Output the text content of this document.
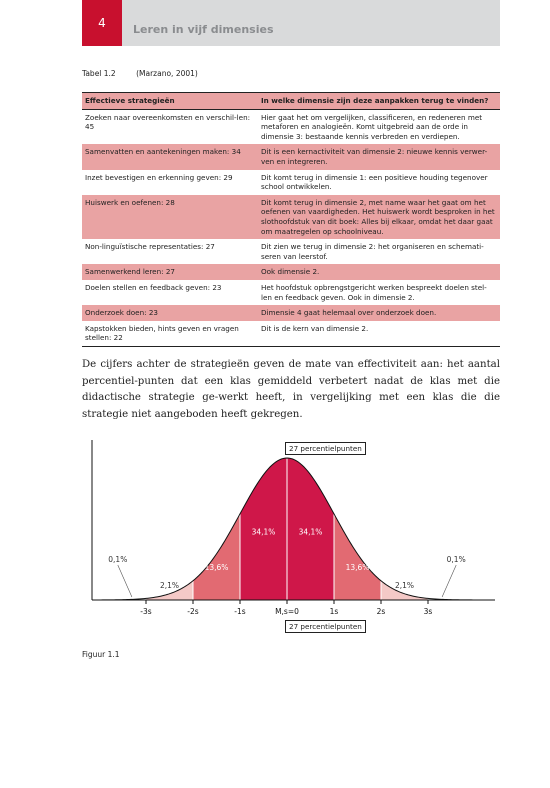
4	Leren in vijf dimensies
Tabel 1.2	(Marzano, 2001)
Effectieve strategieën	In welke dimensie zijn deze aanpakken terug te vinden?
Zoeken naar overeenkomsten en verschil-len: 45	Hier gaat het om vergelijken, classificeren, en redeneren met metaforen en analogieën. Komt uitgebreid aan de orde in dimensie 3: bestaande kennis verbreden en verdiepen.
Samenvatten en aantekeningen maken: 34	Dit is een kernactiviteit van dimensie 2: nieuwe kennis verwer-ven en integreren.
Inzet bevestigen en erkenning geven: 29	Dit komt terug in dimensie 1: een positieve houding tegenover school ontwikkelen.
Huiswerk en oefenen: 28	Dit komt terug in dimensie 2, met name waar het gaat om het oefenen van vaardigheden. Het huiswerk wordt besproken in het slothoofdstuk van dit boek: Alles bij elkaar, omdat het daar gaat om maatregelen op schoolniveau.
Non-linguïstische representaties: 27	Dit zien we terug in dimensie 2: het organiseren en schemati-seren van leerstof.
Samenwerkend leren: 27	Ook dimensie 2.
Doelen stellen en feedback geven: 23	Het hoofdstuk opbrengstgericht werken bespreekt doelen stel-len en feedback geven. Ook in dimensie 2.
Onderzoek doen: 23	Dimensie 4 gaat helemaal over onderzoek doen.
Kapstokken bieden, hints geven en vragen stellen: 22	Dit is de kern van dimensie 2.
De cijfers achter de strategieën geven de mate van effectiviteit aan: het aantal percentiel-punten dat een klas gemiddeld verbetert nadat de klas met die didactische strategie ge-werkt heeft, in vergelijking met een klas die die strategie niet aangeboden heeft gekregen.
-3s	-2s	-1s	M,s=0	1s	2s	3s
0,1%
2,1%
13,6%
34,1%	34,1%
13,6%
2,1%
0,1%
27 percentielpunten
27 percentielpunten
Figuur 1.1
